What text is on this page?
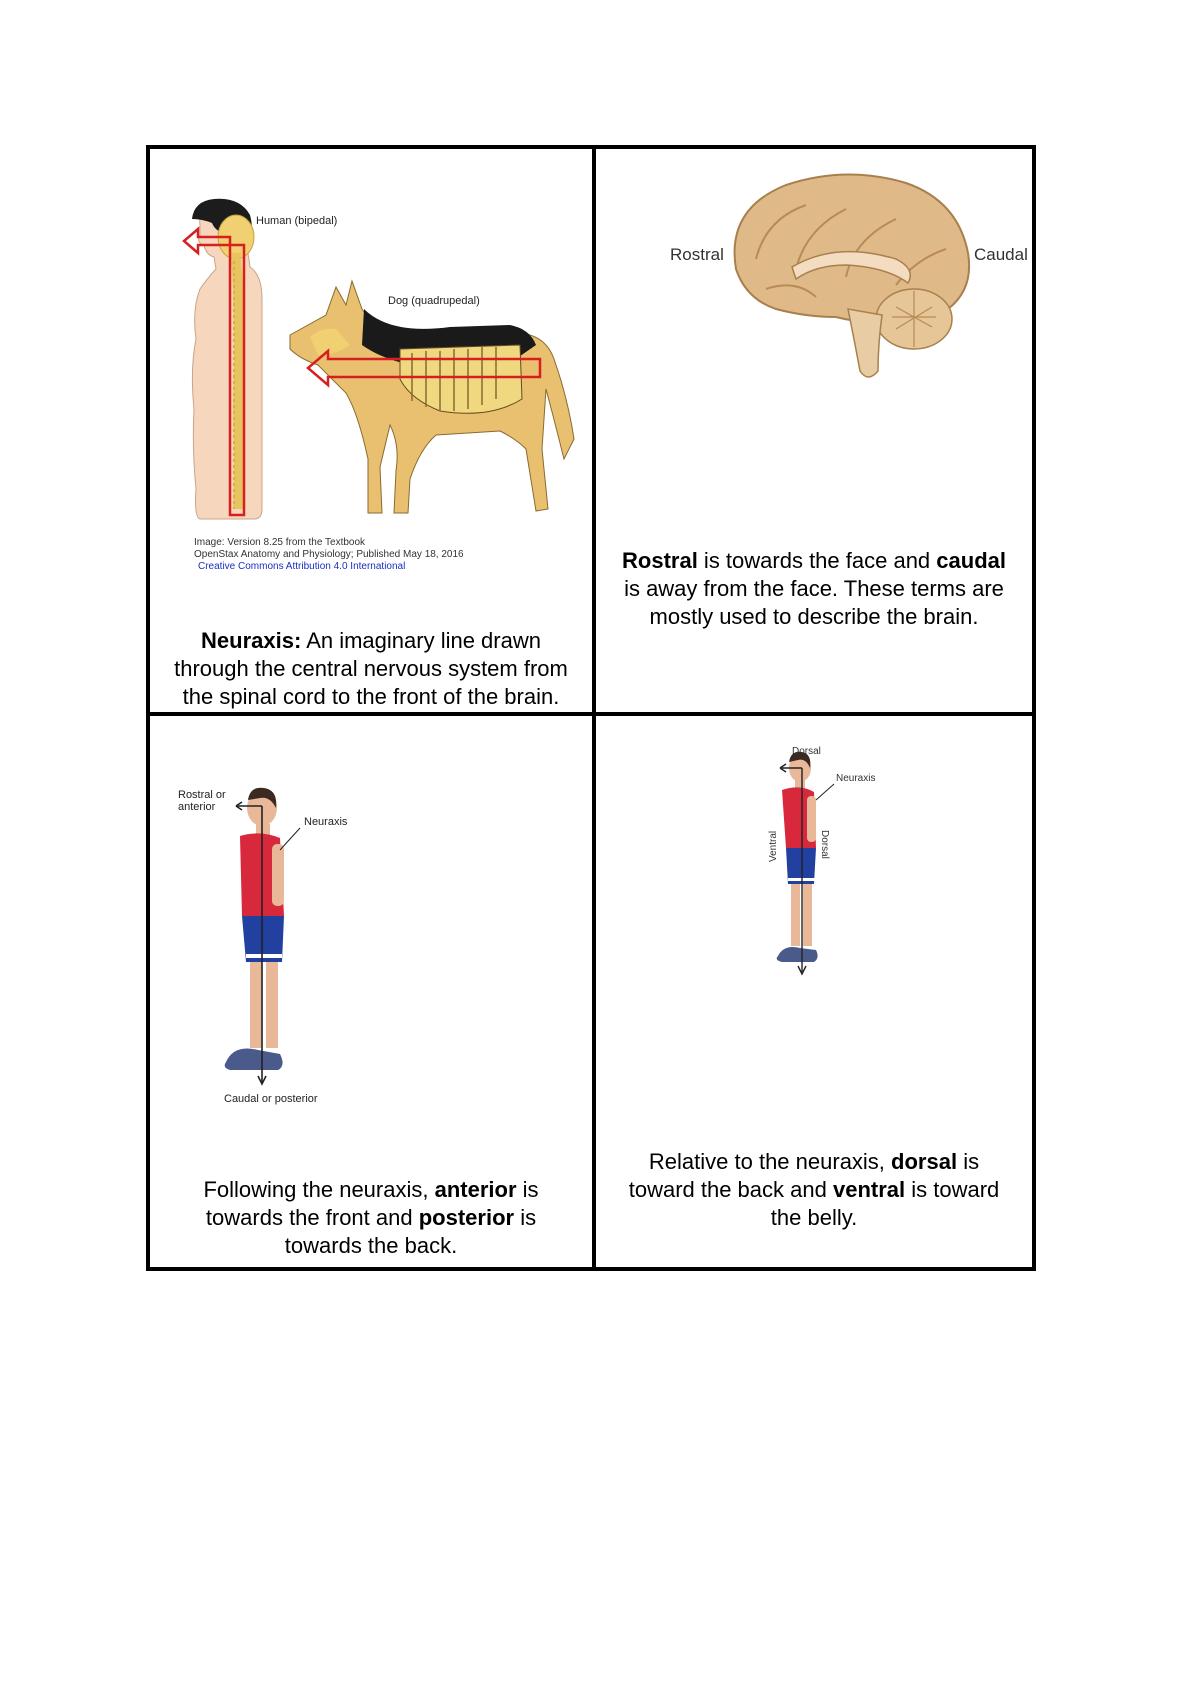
Human (bipedal)
Dog (quadrupedal)
Image: Version 8.25 from the Textbook
OpenStax Anatomy and Physiology; Published May 18, 2016
Creative Commons Attribution 4.0 International
Neuraxis: An imaginary line drawn
through the central nervous system from
the spinal cord to the front of the brain.
Rostral	Caudal
Rostral is towards the face and caudal
is away from the face. These terms are
mostly used to describe the brain.
Rostral or
anterior
Neuraxis
Caudal or posterior
Following the neuraxis, anterior is
towards the front and posterior is
towards the back.
Dorsal
Neuraxis
Ventral	Dorsal
Relative to the neuraxis, dorsal is
toward the back and ventral is toward
the belly.
